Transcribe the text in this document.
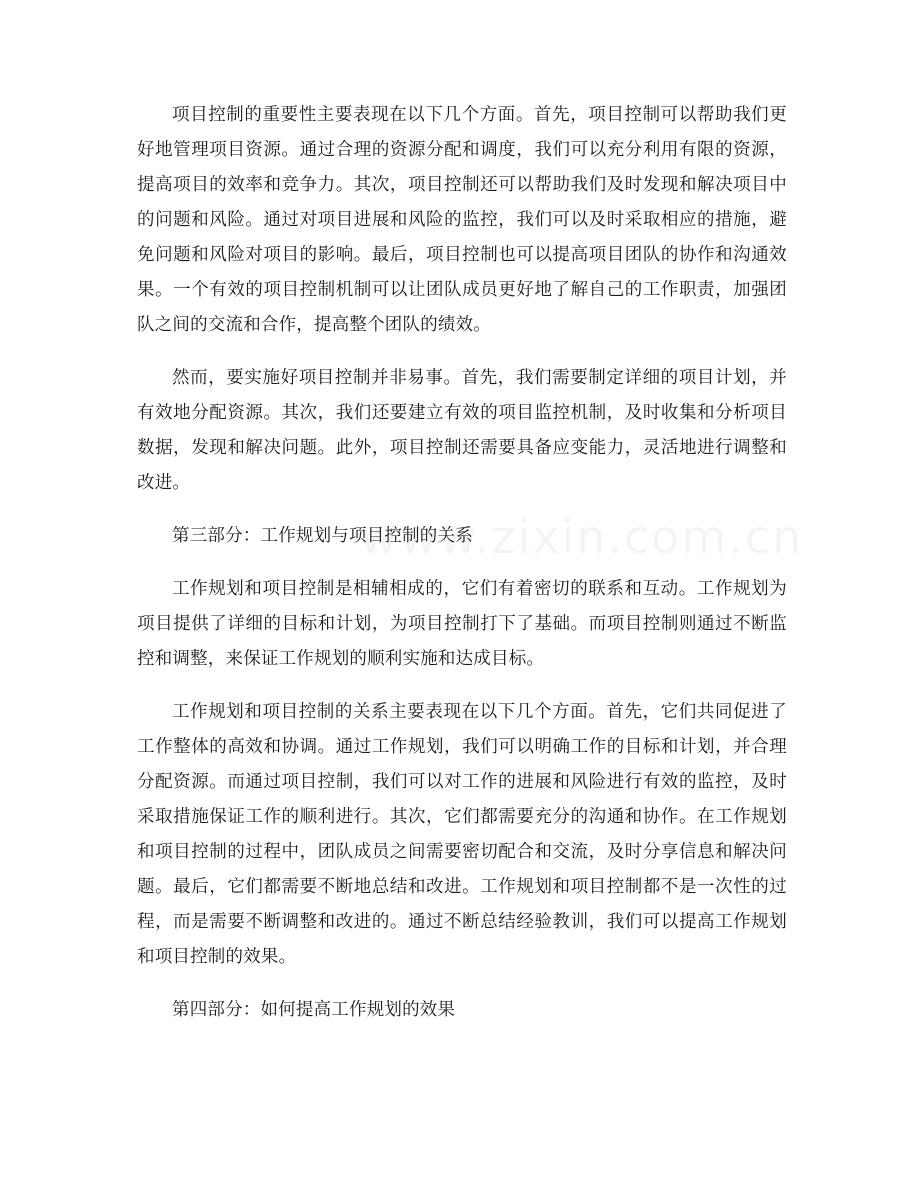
项目控制的重要性主要表现在以下几个方面。首先，项目控制可以帮助我们更好地管理项目资源。通过合理的资源分配和调度，我们可以充分利用有限的资源，提高项目的效率和竞争力。其次，项目控制还可以帮助我们及时发现和解决项目中的问题和风险。通过对项目进展和风险的监控，我们可以及时采取相应的措施，避免问题和风险对项目的影响。最后，项目控制也可以提高项目团队的协作和沟通效果。一个有效的项目控制机制可以让团队成员更好地了解自己的工作职责，加强团队之间的交流和合作，提高整个团队的绩效。

然而，要实施好项目控制并非易事。首先，我们需要制定详细的项目计划，并有效地分配资源。其次，我们还要建立有效的项目监控机制，及时收集和分析项目数据，发现和解决问题。此外，项目控制还需要具备应变能力，灵活地进行调整和改进。

第三部分：工作规划与项目控制的关系

工作规划和项目控制是相辅相成的，它们有着密切的联系和互动。工作规划为项目提供了详细的目标和计划，为项目控制打下了基础。而项目控制则通过不断监控和调整，来保证工作规划的顺利实施和达成目标。

工作规划和项目控制的关系主要表现在以下几个方面。首先，它们共同促进了工作整体的高效和协调。通过工作规划，我们可以明确工作的目标和计划，并合理分配资源。而通过项目控制，我们可以对工作的进展和风险进行有效的监控，及时采取措施保证工作的顺利进行。其次，它们都需要充分的沟通和协作。在工作规划和项目控制的过程中，团队成员之间需要密切配合和交流，及时分享信息和解决问题。最后，它们都需要不断地总结和改进。工作规划和项目控制都不是一次性的过程，而是需要不断调整和改进的。通过不断总结经验教训，我们可以提高工作规划和项目控制的效果。

第四部分：如何提高工作规划的效果
